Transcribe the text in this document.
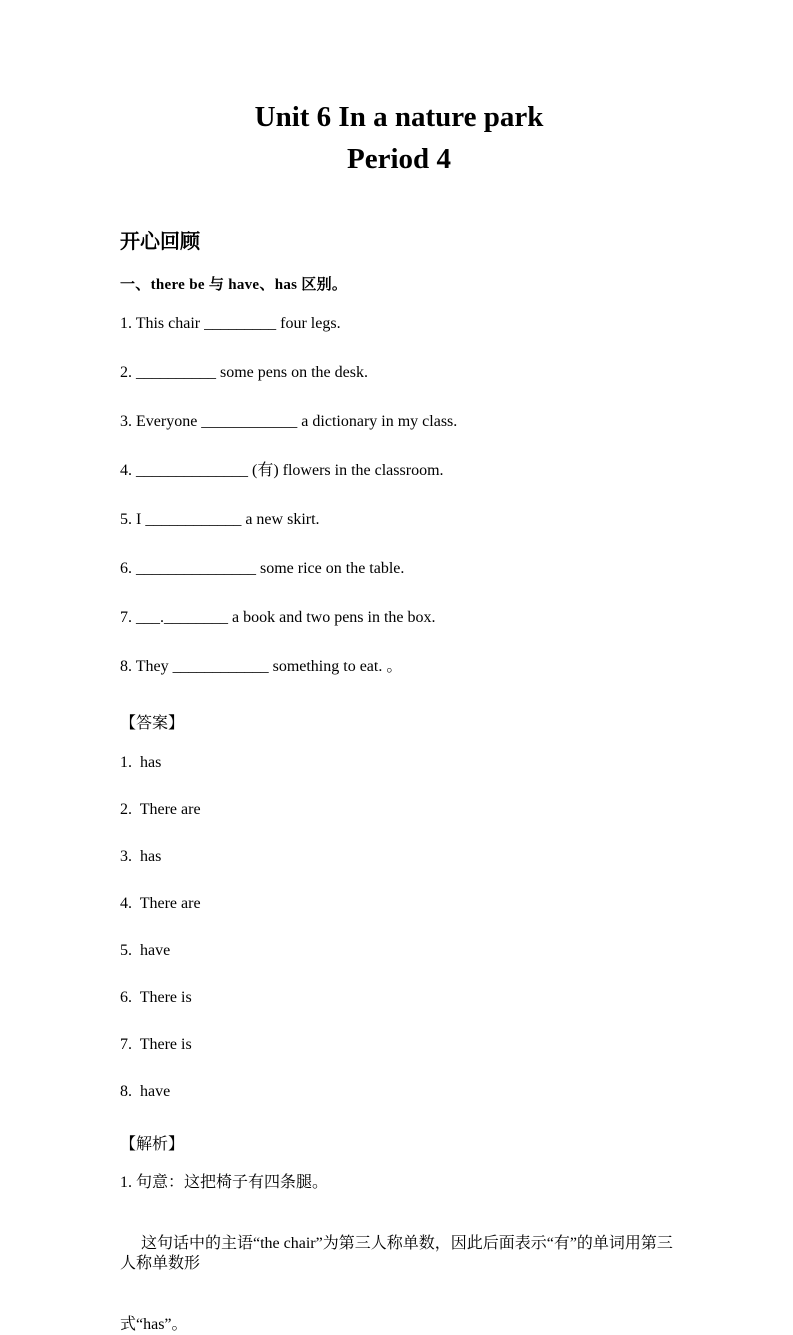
Unit 6 In a nature park
Period 4
开心回顾
一、there be 与 have、has 区别。

1. This chair _________ four legs.

2. __________ some pens on the desk.

3. Everyone ____________ a dictionary in my class.

4. ______________ (有) flowers in the classroom.

5. I ____________ a new skirt.

6. _______________ some rice on the table.

7. ___.________ a book and two pens in the box.

8. They ____________ something to eat. 。

【答案】

1.  has

2.  There are

3.  has

4.  There are

5.  have

6.  There is

7.  There is

8.  have

【解析】

1. 句意：这把椅子有四条腿。

这句话中的主语“the chair”为第三人称单数，因此后面表示“有”的单词用第三人称单数形

式“has”。
